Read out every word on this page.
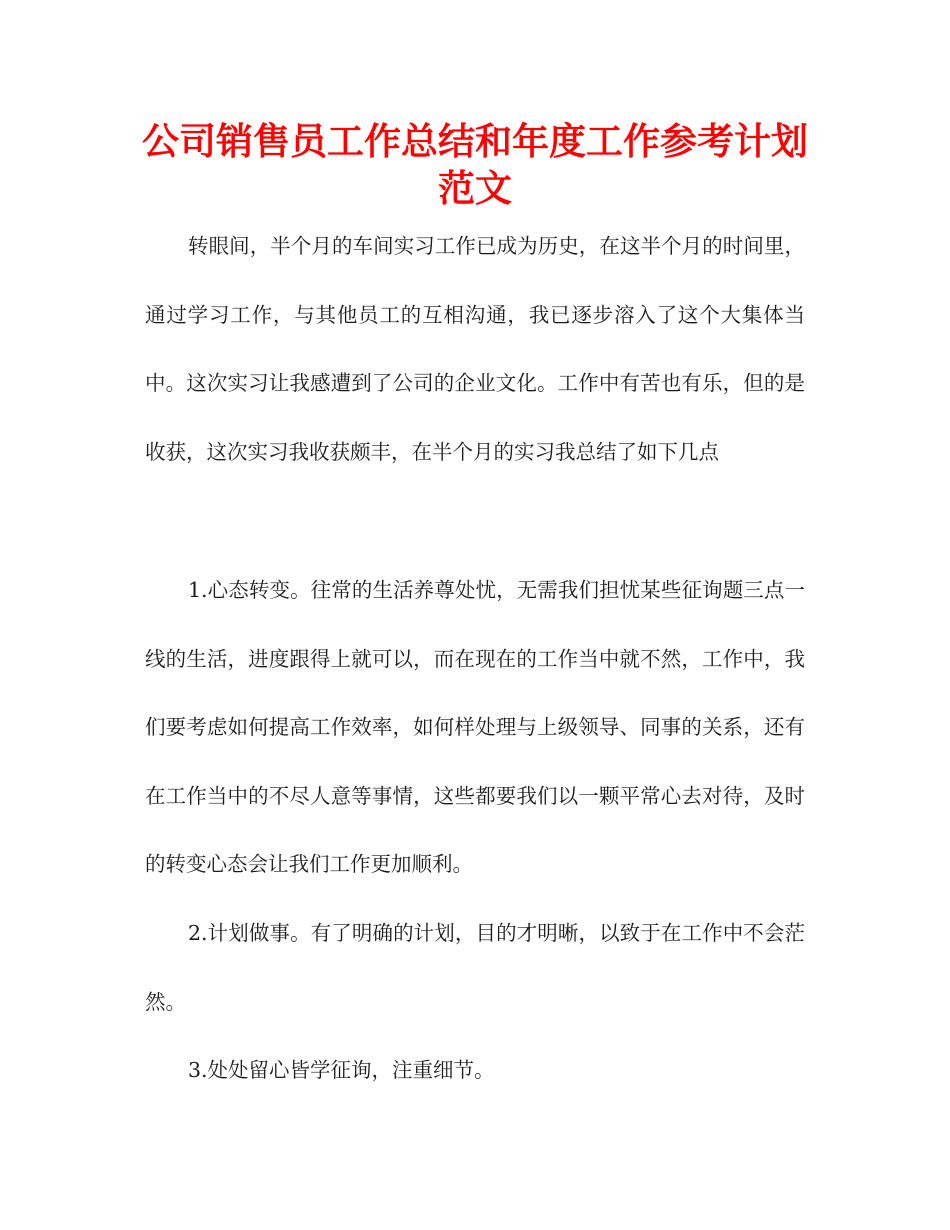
公司销售员工作总结和年度工作参考计划范文

转眼间，半个月的车间实习工作已成为历史，在这半个月的时间里，通过学习工作，与其他员工的互相沟通，我已逐步溶入了这个大集体当中。这次实习让我感遭到了公司的企业文化。工作中有苦也有乐，但的是收获，这次实习我收获颇丰，在半个月的实习我总结了如下几点

1.心态转变。往常的生活养尊处忧，无需我们担忧某些征询题三点一线的生活，进度跟得上就可以，而在现在的工作当中就不然，工作中，我们要考虑如何提高工作效率，如何样处理与上级领导、同事的关系，还有在工作当中的不尽人意等事情，这些都要我们以一颗平常心去对待，及时的转变心态会让我们工作更加顺利。

2.计划做事。有了明确的计划，目的才明晰，以致于在工作中不会茫然。

3.处处留心皆学征询，注重细节。
